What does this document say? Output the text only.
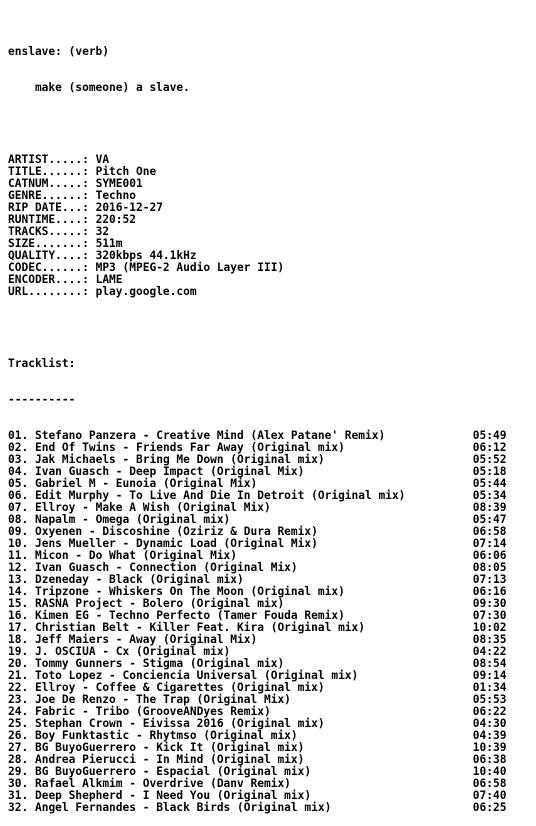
enslave: (verb)

make (someone) a slave.

ARTIST.....: VA
TITLE......: Pitch One
CATNUM.....: SYME001
GENRE......: Techno
RIP DATE...: 2016-12-27
RUNTIME....: 220:52
TRACKS.....: 32
SIZE.......: 511m
QUALITY....: 320kbps 44.1kHz
CODEC......: MP3 (MPEG-2 Audio Layer III)
ENCODER....: LAME
URL........: play.google.com

Tracklist:

----------

01. Stefano Panzera - Creative Mind (Alex Patane' Remix)	05:49
02. End Of Twins - Friends Far Away (Original mix)	06:12
03. Jak Michaels - Bring Me Down (Original mix)	05:52
04. Ivan Guasch - Deep Impact (Original Mix)	05:18
05. Gabriel M - Eunoia (Original Mix)	05:44
06. Edit Murphy - To Live And Die In Detroit (Original mix)	05:34
07. Ellroy - Make A Wish (Original Mix)	08:39
08. Napalm - Omega (Original mix)	05:47
09. Oxyenen - Discoshine (Oziriz & Dura Remix)	06:58
10. Jens Mueller - Dynamic Load (Original Mix)	07:14
11. Micon - Do What (Original Mix)	06:06
12. Ivan Guasch - Connection (Original Mix)	08:05
13. Dzeneday - Black (Original mix)	07:13
14. Tripzone - Whiskers On The Moon (Original mix)	06:16
15. RASNA Project - Bolero (Original mix)	09:30
16. Kimen EG - Techno Perfecto (Tamer Fouda Remix)	07:30
17. Christian Belt - Killer Feat. Kira (Original mix)	10:02
18. Jeff Maiers - Away (Original Mix)	08:35
19. J. OSCIUA - Cx (Original mix)	04:22
20. Tommy Gunners - Stigma (Original mix)	08:54
21. Toto Lopez - Conciencia Universal (Original mix)	09:14
22. Ellroy - Coffee & Cigarettes (Original mix)	01:34
23. Joe De Renzo - The Trap (Original Mix)	05:53
24. Fabric - Tribo (GrooveANDyes Remix)	06:22
25. Stephan Crown - Eivissa 2016 (Original mix)	04:30
26. Boy Funktastic - Rhytmso (Original mix)	04:39
27. BG BuyoGuerrero - Kick It (Original mix)	10:39
28. Andrea Pierucci - In Mind (Original mix)	06:38
29. BG BuyoGuerrero - Espacial (Original mix)	10:40
30. Rafael Alkmim - Overdrive (Danv Remix)	06:58
31. Deep Shepherd - I Need You (Original mix)	07:40
32. Angel Fernandes - Black Birds (Original mix)	06:25
